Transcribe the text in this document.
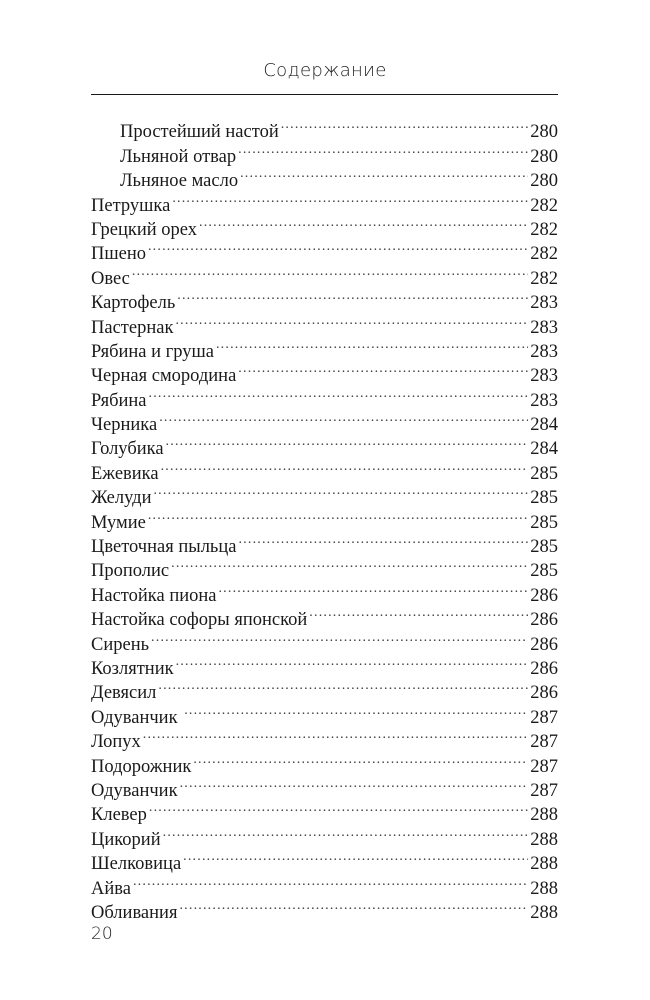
Содержание
Простейший настой .....	280
Льняной отвар .....	280
Льняное масло .....	280
Петрушка .....	282
Грецкий орех .....	282
Пшено .....	282
Овес .....	282
Картофель .....	283
Пастернак .....	283
Рябина и груша .....	283
Черная смородина .....	283
Рябина .....	283
Черника .....	284
Голубика .....	284
Ежевика .....	285
Желуди .....	285
Мумие .....	285
Цветочная пыльца .....	285
Прополис .....	285
Настойка пиона .....	286
Настойка софоры японской .....	286
Сирень .....	286
Козлятник .....	286
Девясил .....	286
Одуванчик .....	287
Лопух .....	287
Подорожник .....	287
Одуванчик .....	287
Клевер .....	288
Цикорий .....	288
Шелковица .....	288
Айва .....	288
Обливания .....	288
20
